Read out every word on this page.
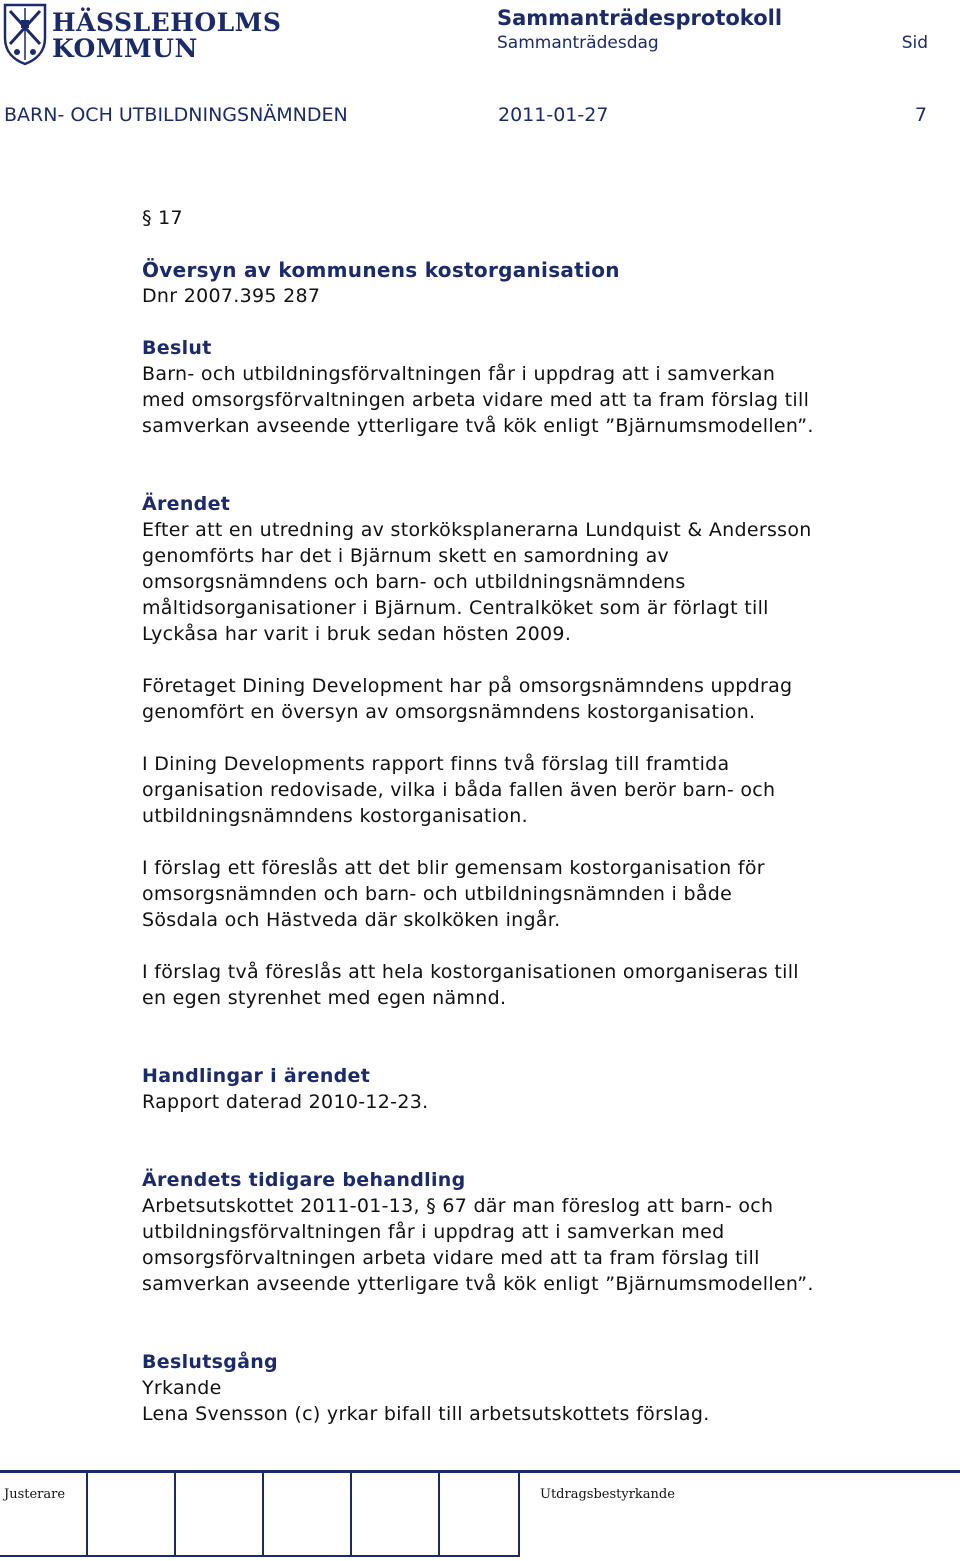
HÄSSLEHOLMS
KOMMUN
Sammanträdesprotokoll
Sammanträdesdag	Sid
BARN- OCH UTBILDNINGSNÄMNDEN	2011-01-27	7

§ 17

Översyn av kommunens kostorganisation

Dnr 2007.395 287

Beslut

Barn- och utbildningsförvaltningen får i uppdrag att i samverkan
med omsorgsförvaltningen arbeta vidare med att ta fram förslag till
samverkan avseende ytterligare två kök enligt ”Bjärnumsmodellen”.

Ärendet

Efter att en utredning av storköksplanerarna Lundquist & Andersson
genomförts har det i Bjärnum skett en samordning av
omsorgsnämndens och barn- och utbildningsnämndens
måltidsorganisationer i Bjärnum. Centralköket som är förlagt till
Lyckåsa har varit i bruk sedan hösten 2009.

Företaget Dining Development har på omsorgsnämndens uppdrag
genomfört en översyn av omsorgsnämndens kostorganisation.

I Dining Developments rapport finns två förslag till framtida
organisation redovisade, vilka i båda fallen även berör barn- och
utbildningsnämndens kostorganisation.

I förslag ett föreslås att det blir gemensam kostorganisation för
omsorgsnämnden och barn- och utbildningsnämnden i både
Sösdala och Hästveda där skolköken ingår.

I förslag två föreslås att hela kostorganisationen omorganiseras till
en egen styrenhet med egen nämnd.

Handlingar i ärendet

Rapport daterad 2010-12-23.

Ärendets tidigare behandling

Arbetsutskottet 2011-01-13, § 67 där man föreslog att barn- och
utbildningsförvaltningen får i uppdrag att i samverkan med
omsorgsförvaltningen arbeta vidare med att ta fram förslag till
samverkan avseende ytterligare två kök enligt ”Bjärnumsmodellen”.

Beslutsgång

Yrkande

Lena Svensson (c) yrkar bifall till arbetsutskottets förslag.

Justerare	Utdragsbestyrkande
